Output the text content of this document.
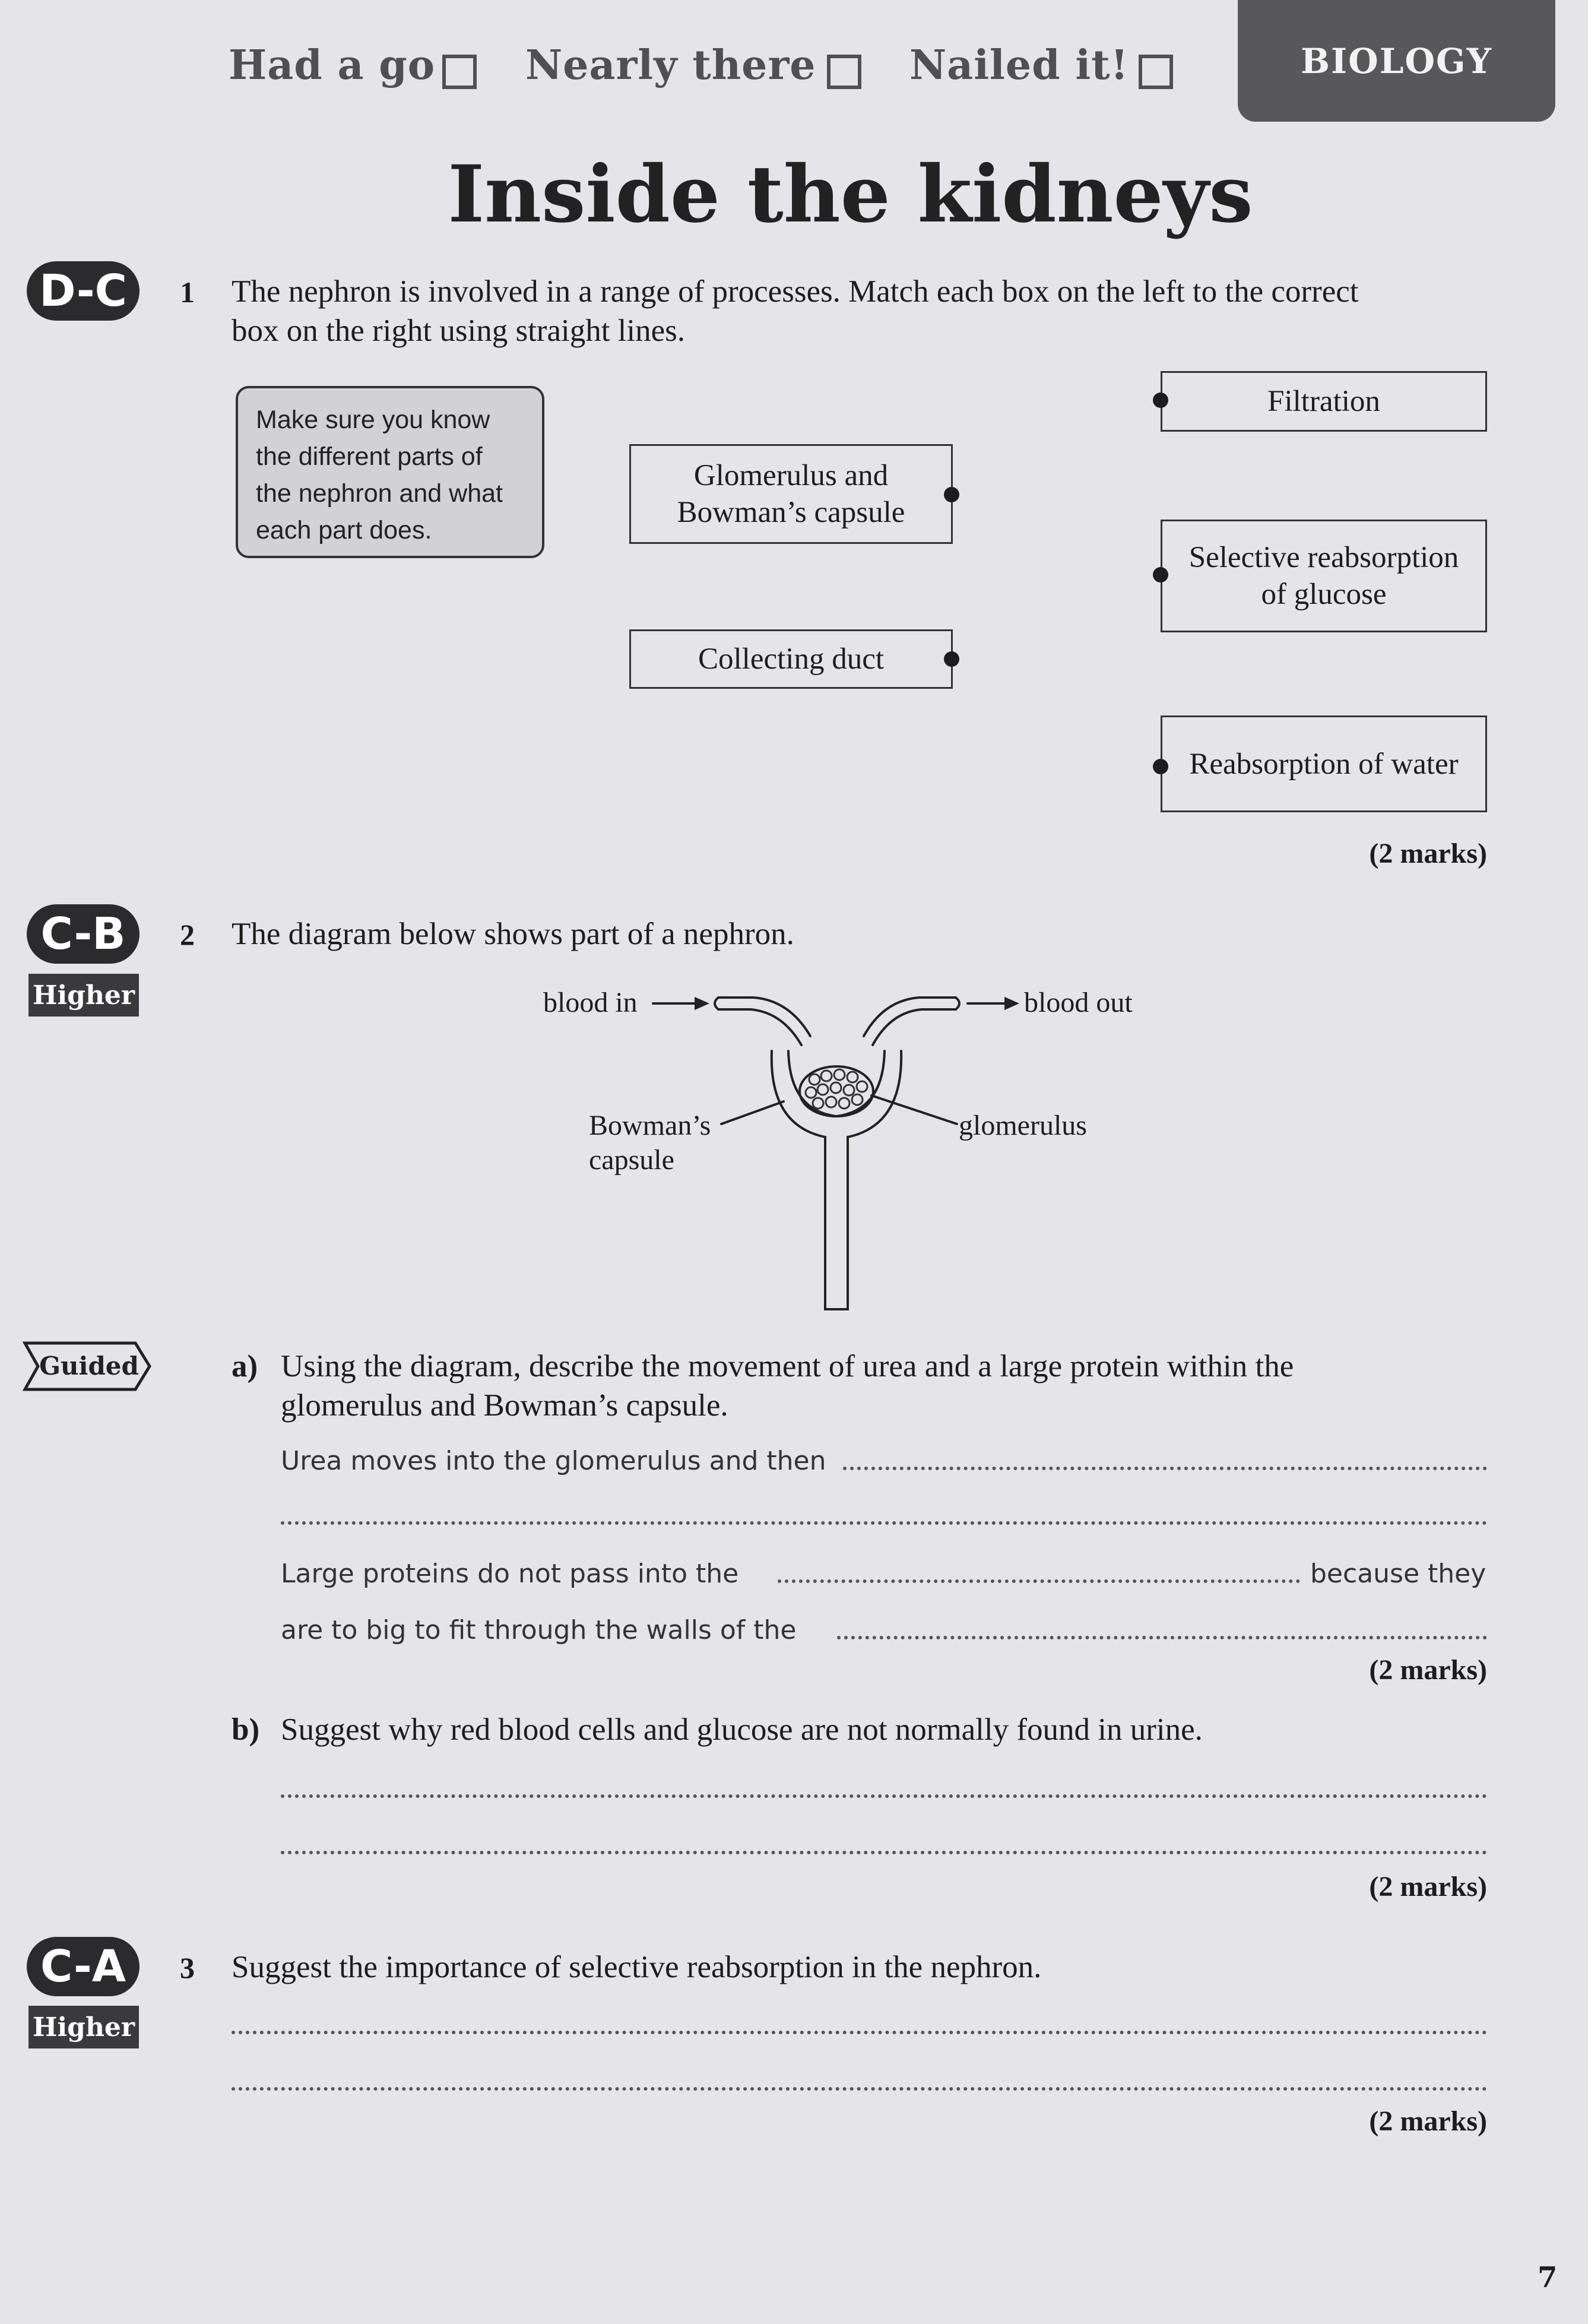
Had a go Nearly there Nailed it!	BIOLOGY
Inside the kidneys
D-C	1 The nephron is involved in a range of processes. Match each box on the left to the correct
box on the right using straight lines.
Make sure you know
the different parts of
the nephron and what
each part does.
Glomerulus and
Bowman’s capsule
Collecting duct
Filtration
Selective reabsorption
of glucose
Reabsorption of water
(2 marks)
C-B
Higher
2 The diagram below shows part of a nephron.
blood in	blood out
Bowman’s
capsule
glomerulus
Guided	a) Using the diagram, describe the movement of urea and a large protein within the
glomerulus and Bowman’s capsule.
Urea moves into the glomerulus and then
Large proteins do not pass into the	because they
are to big to fit through the walls of the
(2 marks)
b) Suggest why red blood cells and glucose are not normally found in urine.
(2 marks)
C-A
Higher
3 Suggest the importance of selective reabsorption in the nephron.
(2 marks)
7
